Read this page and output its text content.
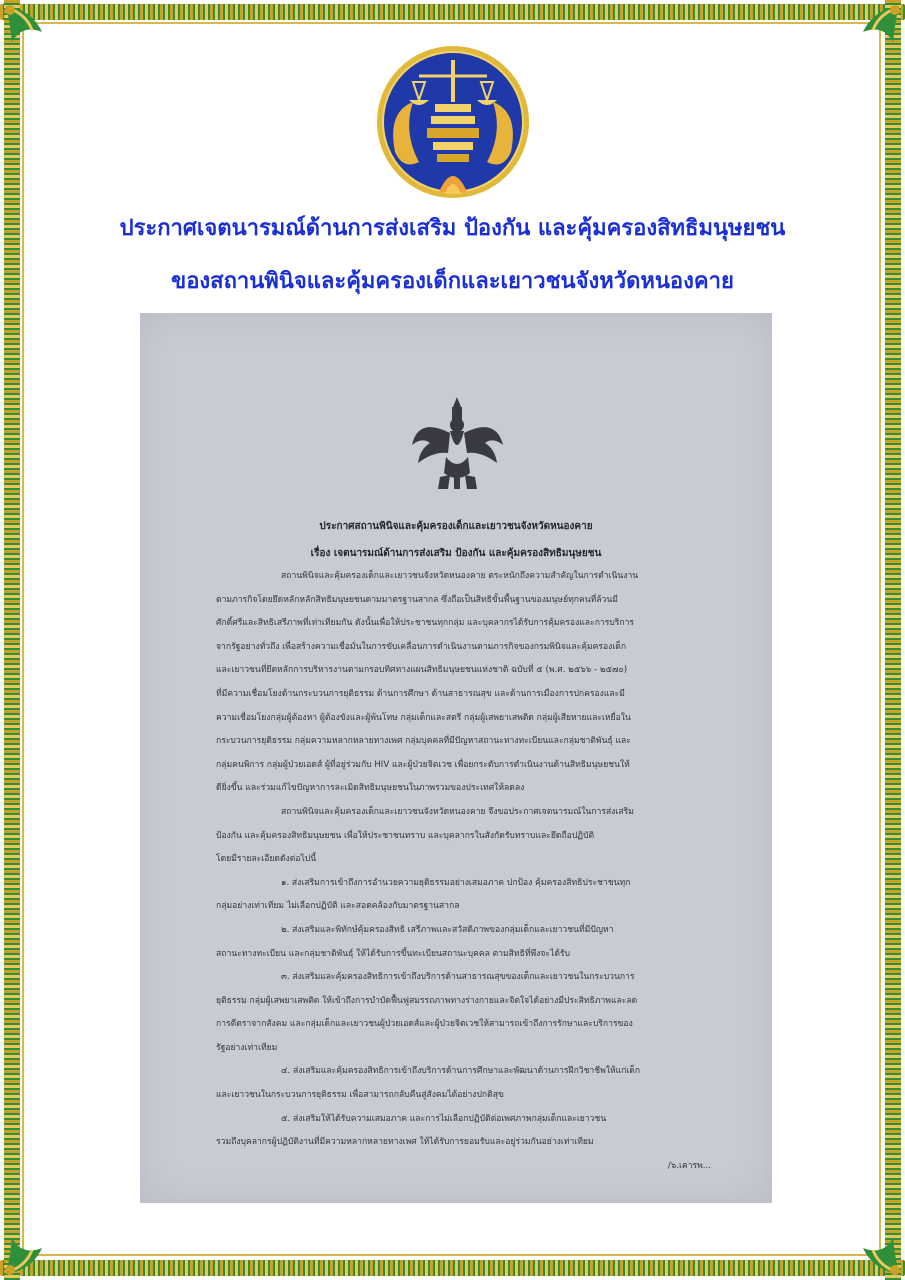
ประกาศเจตนารมณ์ด้านการส่งเสริม ป้องกัน และคุ้มครองสิทธิมนุษยชน
ของสถานพินิจและคุ้มครองเด็กและเยาวชนจังหวัดหนองคาย
ประกาศสถานพินิจและคุ้มครองเด็กและเยาวชนจังหวัดหนองคาย
เรื่อง เจตนารมณ์ด้านการส่งเสริม ป้องกัน และคุ้มครองสิทธิมนุษยชน
สถานพินิจและคุ้มครองเด็กและเยาวชนจังหวัดหนองคาย ตระหนักถึงความสำคัญในการดำเนินงาน
ตามภารกิจโดยยึดหลักหลักสิทธิมนุษยชนตามมาตรฐานสากล ซึ่งถือเป็นสิทธิขั้นพื้นฐานของมนุษย์ทุกคนที่ล้วนมี
ศักดิ์ศรีและสิทธิเสรีภาพที่เท่าเทียมกัน ดังนั้นเพื่อให้ประชาชนทุกกลุ่ม และบุคลากรได้รับการคุ้มครองและการบริการ
จากรัฐอย่างทั่วถึง เพื่อสร้างความเชื่อมั่นในการขับเคลื่อนการดำเนินงานตามภารกิจของกรมพินิจและคุ้มครองเด็ก
และเยาวชนที่ยึดหลักการบริหารงานตามกรอบทิศทางแผนสิทธิมนุษยชนแห่งชาติ ฉบับที่ ๕ (พ.ศ. ๒๕๖๖ - ๒๕๗๐)
ที่มีความเชื่อมโยงด้านกระบวนการยุติธรรม ด้านการศึกษา ด้านสาธารณสุข และด้านการเมืองการปกครองและมี
ความเชื่อมโยงกลุ่มผู้ต้องหา ผู้ต้องขังและผู้พ้นโทษ กลุ่มเด็กและสตรี กลุ่มผู้เสพยาเสพติด กลุ่มผู้เสียหายและเหยื่อใน
กระบวนการยุติธรรม กลุ่มความหลากหลายทางเพศ กลุ่มบุคคลที่มีปัญหาสถานะทางทะเบียนและกลุ่มชาติพันธุ์ และ
กลุ่มคนพิการ กลุ่มผู้ป่วยเอดส์ ผู้ที่อยู่ร่วมกับ HIV และผู้ป่วยจิตเวช เพื่อยกระดับการดำเนินงานด้านสิทธิมนุษยชนให้
ดียิ่งขึ้น และร่วมแก้ไขปัญหาการละเมิดสิทธิมนุษยชนในภาพรวมของประเทศให้ลดลง
สถานพินิจและคุ้มครองเด็กและเยาวชนจังหวัดหนองคาย จึงขอประกาศเจตนารมณ์ในการส่งเสริม
ป้องกัน และคุ้มครองสิทธิมนุษยชน เพื่อให้ประชาชนทราบ และบุคลากรในสังกัดรับทราบและยึดถือปฏิบัติ
โดยมีรายละเอียดดังต่อไปนี้
๑. ส่งเสริมการเข้าถึงการอำนวยความยุติธรรมอย่างเสมอภาค ปกป้อง คุ้มครองสิทธิประชาชนทุก
กลุ่มอย่างเท่าเทียม ไม่เลือกปฏิบัติ และสอดคล้องกับมาตรฐานสากล
๒. ส่งเสริมและพิทักษ์คุ้มครองสิทธิ เสรีภาพและสวัสดิภาพของกลุ่มเด็กและเยาวชนที่มีปัญหา
สถานะทางทะเบียน และกลุ่มชาติพันธุ์ ให้ได้รับการขึ้นทะเบียนสถานะบุคคล ตามสิทธิที่พึงจะได้รับ
๓. ส่งเสริมและคุ้มครองสิทธิการเข้าถึงบริการด้านสาธารณสุขของเด็กและเยาวชนในกระบวนการ
ยุติธรรม กลุ่มผู้เสพยาเสพติด ให้เข้าถึงการบำบัดฟื้นฟูสมรรถภาพทางร่างกายและจิตใจได้อย่างมีประสิทธิภาพและลด
การตีตราจากสังคม และกลุ่มเด็กและเยาวชนผู้ป่วยเอดส์และผู้ป่วยจิตเวชให้สามารถเข้าถึงการรักษาและบริการของ
รัฐอย่างเท่าเทียม
๔. ส่งเสริมและคุ้มครองสิทธิการเข้าถึงบริการด้านการศึกษาและพัฒนาด้านการฝึกวิชาชีพให้แก่เด็ก
และเยาวชนในกระบวนการยุติธรรม เพื่อสามารถกลับคืนสู่สังคมได้อย่างปกติสุข
๕. ส่งเสริมให้ได้รับความเสมอภาค และการไม่เลือกปฏิบัติต่อเพศภาพกลุ่มเด็กและเยาวชน
รวมถึงบุคลากรผู้ปฏิบัติงานที่มีความหลากหลายทางเพศ ให้ได้รับการยอมรับและอยู่ร่วมกันอย่างเท่าเทียม
/๖.เคารพ...
